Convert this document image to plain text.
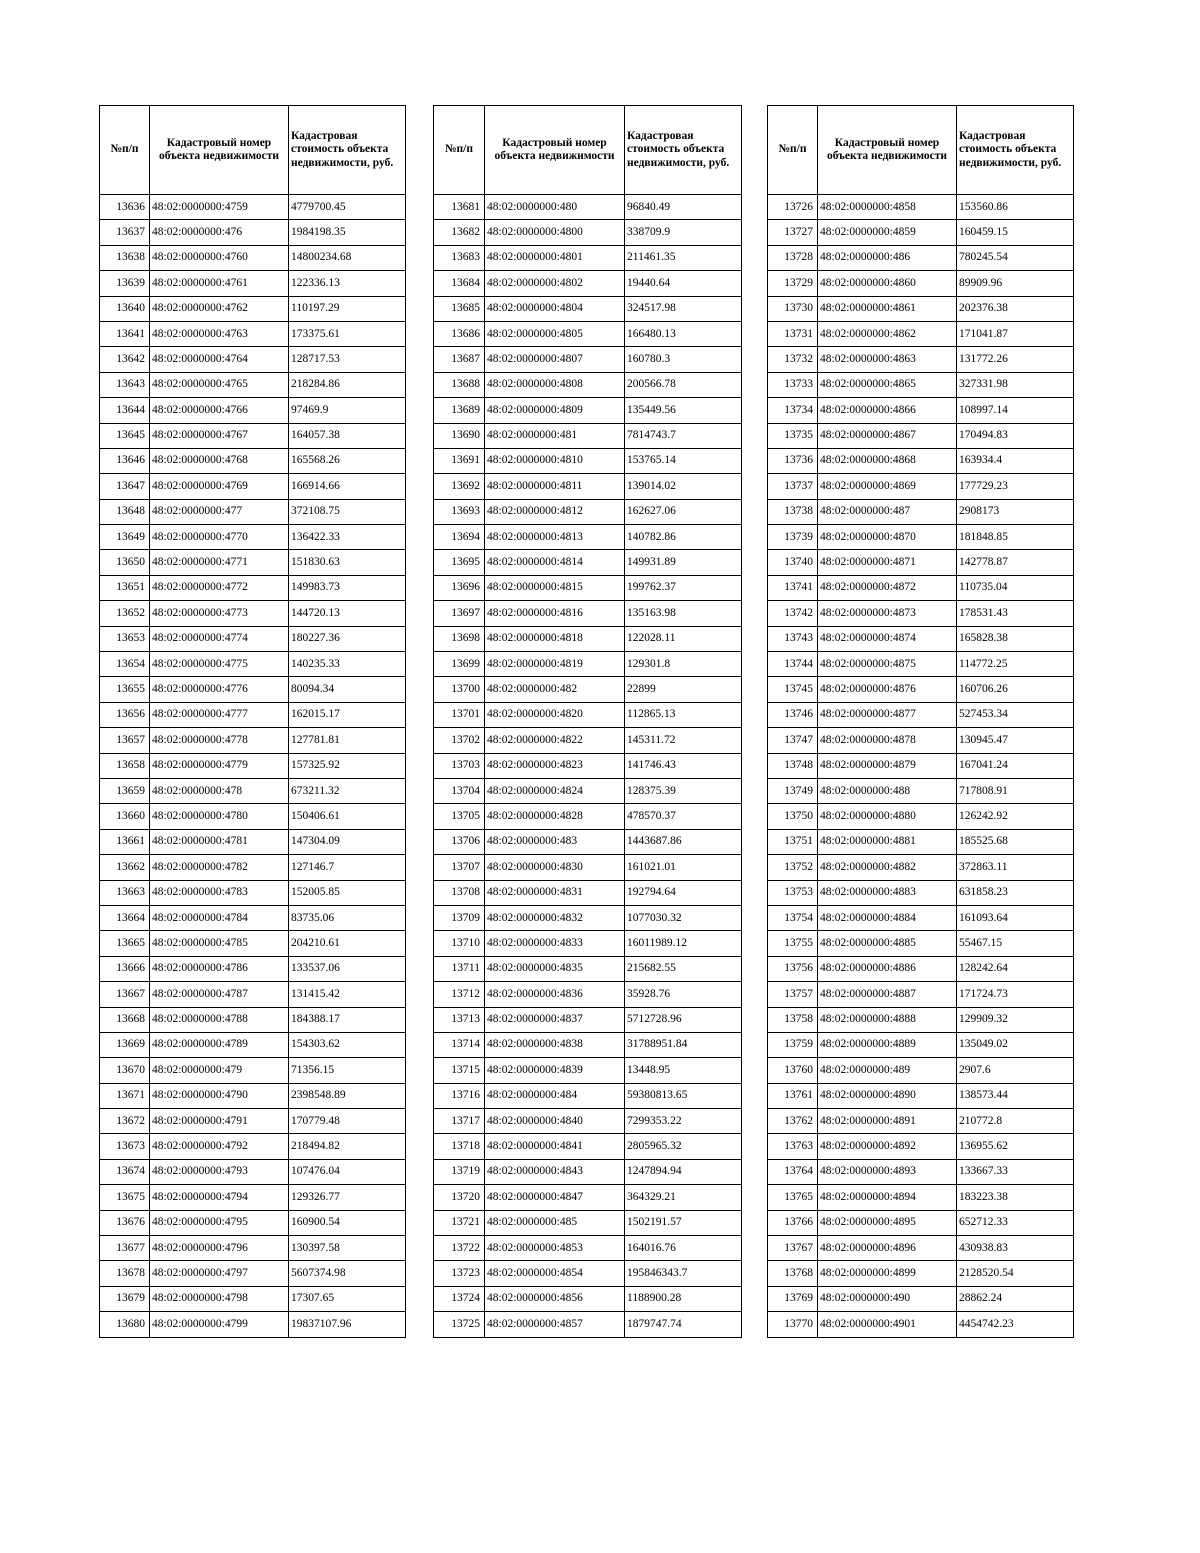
№п/п	Кадастровый номер объекта недвижимости	Кадастровая стоимость объекта недвижимости, руб.
13636	48:02:0000000:4759	4779700.45
13637	48:02:0000000:476	1984198.35
13638	48:02:0000000:4760	14800234.68
13639	48:02:0000000:4761	122336.13
13640	48:02:0000000:4762	110197.29
13641	48:02:0000000:4763	173375.61
13642	48:02:0000000:4764	128717.53
13643	48:02:0000000:4765	218284.86
13644	48:02:0000000:4766	97469.9
13645	48:02:0000000:4767	164057.38
13646	48:02:0000000:4768	165568.26
13647	48:02:0000000:4769	166914.66
13648	48:02:0000000:477	372108.75
13649	48:02:0000000:4770	136422.33
13650	48:02:0000000:4771	151830.63
13651	48:02:0000000:4772	149983.73
13652	48:02:0000000:4773	144720.13
13653	48:02:0000000:4774	180227.36
13654	48:02:0000000:4775	140235.33
13655	48:02:0000000:4776	80094.34
13656	48:02:0000000:4777	162015.17
13657	48:02:0000000:4778	127781.81
13658	48:02:0000000:4779	157325.92
13659	48:02:0000000:478	673211.32
13660	48:02:0000000:4780	150406.61
13661	48:02:0000000:4781	147304.09
13662	48:02:0000000:4782	127146.7
13663	48:02:0000000:4783	152005.85
13664	48:02:0000000:4784	83735.06
13665	48:02:0000000:4785	204210.61
13666	48:02:0000000:4786	133537.06
13667	48:02:0000000:4787	131415.42
13668	48:02:0000000:4788	184388.17
13669	48:02:0000000:4789	154303.62
13670	48:02:0000000:479	71356.15
13671	48:02:0000000:4790	2398548.89
13672	48:02:0000000:4791	170779.48
13673	48:02:0000000:4792	218494.82
13674	48:02:0000000:4793	107476.04
13675	48:02:0000000:4794	129326.77
13676	48:02:0000000:4795	160900.54
13677	48:02:0000000:4796	130397.58
13678	48:02:0000000:4797	5607374.98
13679	48:02:0000000:4798	17307.65
13680	48:02:0000000:4799	19837107.96
№п/п	Кадастровый номер объекта недвижимости	Кадастровая стоимость объекта недвижимости, руб.
13681	48:02:0000000:480	96840.49
13682	48:02:0000000:4800	338709.9
13683	48:02:0000000:4801	211461.35
13684	48:02:0000000:4802	19440.64
13685	48:02:0000000:4804	324517.98
13686	48:02:0000000:4805	166480.13
13687	48:02:0000000:4807	160780.3
13688	48:02:0000000:4808	200566.78
13689	48:02:0000000:4809	135449.56
13690	48:02:0000000:481	7814743.7
13691	48:02:0000000:4810	153765.14
13692	48:02:0000000:4811	139014.02
13693	48:02:0000000:4812	162627.06
13694	48:02:0000000:4813	140782.86
13695	48:02:0000000:4814	149931.89
13696	48:02:0000000:4815	199762.37
13697	48:02:0000000:4816	135163.98
13698	48:02:0000000:4818	122028.11
13699	48:02:0000000:4819	129301.8
13700	48:02:0000000:482	22899
13701	48:02:0000000:4820	112865.13
13702	48:02:0000000:4822	145311.72
13703	48:02:0000000:4823	141746.43
13704	48:02:0000000:4824	128375.39
13705	48:02:0000000:4828	478570.37
13706	48:02:0000000:483	1443687.86
13707	48:02:0000000:4830	161021.01
13708	48:02:0000000:4831	192794.64
13709	48:02:0000000:4832	1077030.32
13710	48:02:0000000:4833	16011989.12
13711	48:02:0000000:4835	215682.55
13712	48:02:0000000:4836	35928.76
13713	48:02:0000000:4837	5712728.96
13714	48:02:0000000:4838	31788951.84
13715	48:02:0000000:4839	13448.95
13716	48:02:0000000:484	59380813.65
13717	48:02:0000000:4840	7299353.22
13718	48:02:0000000:4841	2805965.32
13719	48:02:0000000:4843	1247894.94
13720	48:02:0000000:4847	364329.21
13721	48:02:0000000:485	1502191.57
13722	48:02:0000000:4853	164016.76
13723	48:02:0000000:4854	195846343.7
13724	48:02:0000000:4856	1188900.28
13725	48:02:0000000:4857	1879747.74
№п/п	Кадастровый номер объекта недвижимости	Кадастровая стоимость объекта недвижимости, руб.
13726	48:02:0000000:4858	153560.86
13727	48:02:0000000:4859	160459.15
13728	48:02:0000000:486	780245.54
13729	48:02:0000000:4860	89909.96
13730	48:02:0000000:4861	202376.38
13731	48:02:0000000:4862	171041.87
13732	48:02:0000000:4863	131772.26
13733	48:02:0000000:4865	327331.98
13734	48:02:0000000:4866	108997.14
13735	48:02:0000000:4867	170494.83
13736	48:02:0000000:4868	163934.4
13737	48:02:0000000:4869	177729.23
13738	48:02:0000000:487	2908173
13739	48:02:0000000:4870	181848.85
13740	48:02:0000000:4871	142778.87
13741	48:02:0000000:4872	110735.04
13742	48:02:0000000:4873	178531.43
13743	48:02:0000000:4874	165828.38
13744	48:02:0000000:4875	114772.25
13745	48:02:0000000:4876	160706.26
13746	48:02:0000000:4877	527453.34
13747	48:02:0000000:4878	130945.47
13748	48:02:0000000:4879	167041.24
13749	48:02:0000000:488	717808.91
13750	48:02:0000000:4880	126242.92
13751	48:02:0000000:4881	185525.68
13752	48:02:0000000:4882	372863.11
13753	48:02:0000000:4883	631858.23
13754	48:02:0000000:4884	161093.64
13755	48:02:0000000:4885	55467.15
13756	48:02:0000000:4886	128242.64
13757	48:02:0000000:4887	171724.73
13758	48:02:0000000:4888	129909.32
13759	48:02:0000000:4889	135049.02
13760	48:02:0000000:489	2907.6
13761	48:02:0000000:4890	138573.44
13762	48:02:0000000:4891	210772.8
13763	48:02:0000000:4892	136955.62
13764	48:02:0000000:4893	133667.33
13765	48:02:0000000:4894	183223.38
13766	48:02:0000000:4895	652712.33
13767	48:02:0000000:4896	430938.83
13768	48:02:0000000:4899	2128520.54
13769	48:02:0000000:490	28862.24
13770	48:02:0000000:4901	4454742.23
